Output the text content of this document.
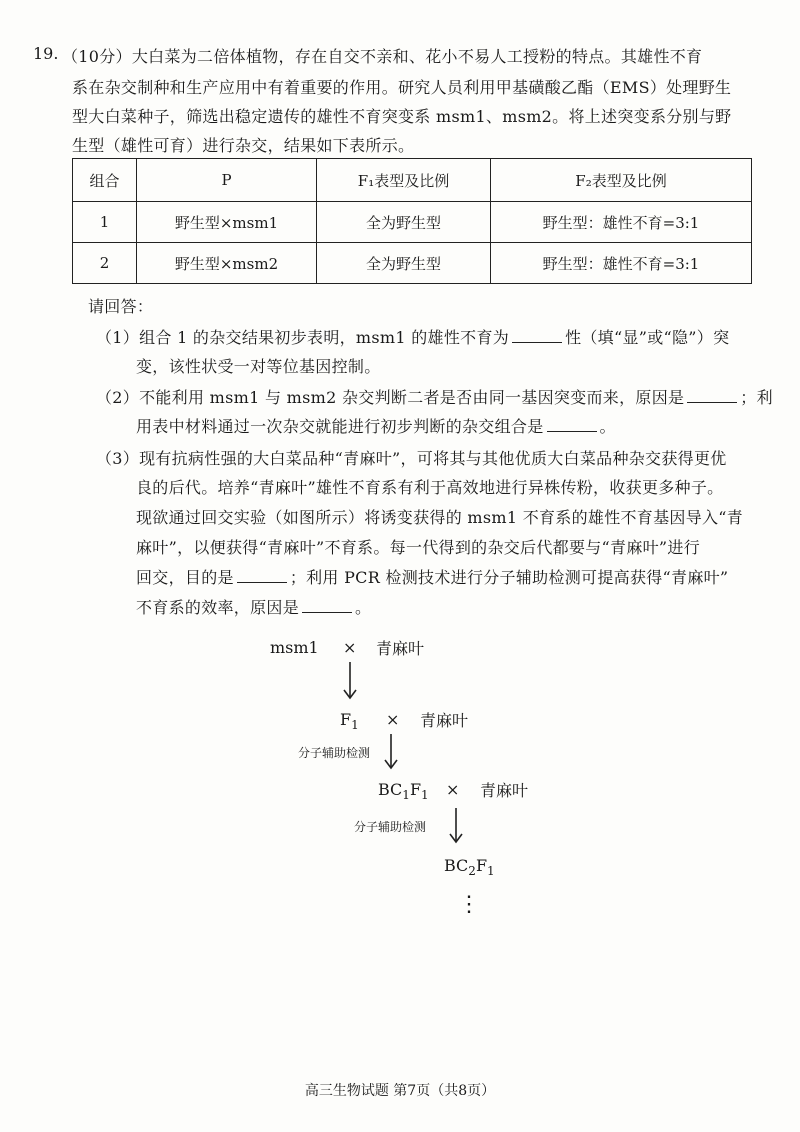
19. （10分）大白菜为二倍体植物，存在自交不亲和、花小不易人工授粉的特点。其雄性不育
系在杂交制种和生产应用中有着重要的作用。研究人员利用甲基磺酸乙酯（EMS）处理野生
型大白菜种子，筛选出稳定遗传的雄性不育突变系 msm1、msm2。将上述突变系分别与野
生型（雄性可育）进行杂交，结果如下表所示。
组合	P	F₁表型及比例	F₂表型及比例
1	野生型×msm1	全为野生型	野生型：雄性不育=3:1
2	野生型×msm2	全为野生型	野生型：雄性不育=3:1
请回答：
（1）组合 1 的杂交结果初步表明，msm1 的雄性不育为	性（填“显”或“隐”）突
变，该性状受一对等位基因控制。
（2）不能利用 msm1 与 msm2 杂交判断二者是否由同一基因突变而来，原因是	；利
用表中材料通过一次杂交就能进行初步判断的杂交组合是	。
（3）现有抗病性强的大白菜品种“青麻叶”，可将其与其他优质大白菜品种杂交获得更优
良的后代。培养“青麻叶”雄性不育系有利于高效地进行异株传粉，收获更多种子。
现欲通过回交实验（如图所示）将诱变获得的 msm1 不育系的雄性不育基因导入“青
麻叶”，以便获得“青麻叶”不育系。每一代得到的杂交后代都要与“青麻叶”进行
回交，目的是	；利用 PCR 检测技术进行分子辅助检测可提高获得“青麻叶”
不育系的效率，原因是	。
msm1 × 青麻叶
$F_1$ × 青麻叶
分子辅助检测
$BC_1F_1$ × 青麻叶
分子辅助检测
$BC_2F_1$
⋮
高三生物试题 第7页（共8页）
